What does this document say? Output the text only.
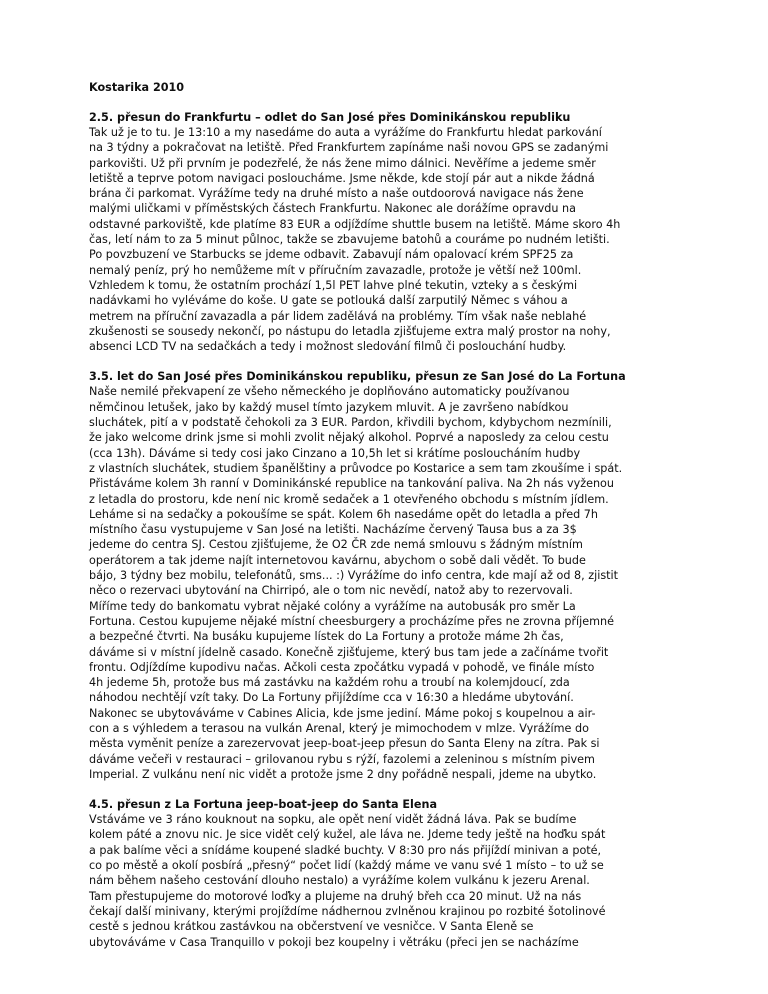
Kostarika 2010

2.5. přesun do Frankfurtu – odlet do San José přes Dominikánskou republiku

Tak už je to tu. Je 13:10 a my nasedáme do auta a vyrážíme do Frankfurtu hledat parkování
na 3 týdny a pokračovat na letiště. Před Frankfurtem zapínáme naši novou GPS se zadanými
parkovišti. Už při prvním je podezřelé, že nás žene mimo dálnici. Nevěříme a jedeme směr
letiště a teprve potom navigaci posloucháme. Jsme někde, kde stojí pár aut a nikde žádná
brána či parkomat. Vyrážíme tedy na druhé místo a naše outdoorová navigace nás žene
malými uličkami v příměstských částech Frankfurtu. Nakonec ale dorážíme opravdu na
odstavné parkoviště, kde platíme 83 EUR a odjíždíme shuttle busem na letiště. Máme skoro 4h
čas, letí nám to za 5 minut půlnoc, takže se zbavujeme batohů a couráme po nudném letišti.
Po povzbuzení ve Starbucks se jdeme odbavit. Zabavují nám opalovací krém SPF25 za
nemalý peníz, prý ho nemůžeme mít v příručním zavazadle, protože je větší než 100ml.
Vzhledem k tomu, že ostatním prochází 1,5l PET lahve plné tekutin, vztekу a s českými
nadávkami ho vyléváme do koše. U gate se potlouká další zarputilý Němec s váhou a
metrem na příruční zavazadla a pár lidem zadělává na problémy. Tím však naše neblahé
zkušenosti se sousedy nekončí, po nástupu do letadla zjišťujeme extra malý prostor na nohy,
absenci LCD TV na sedačkách a tedy i možnost sledování filmů či poslouchání hudby.

3.5. let do San José přes Dominikánskou republiku, přesun ze San José do La Fortuna

Naše nemilé překvapení ze všeho německého je doplňováno automaticky používanou
němčinou letušek, jako by každý musel tímto jazykem mluvit. A je završeno nabídkou
sluchátek, pití a v podstatě čehokoli za 3 EUR. Pardon, křivdili bychom, kdybychom nezmínili,
že jako welcome drink jsme si mohli zvolit nějaký alkohol. Poprvé a naposledy za celou cestu
(cca 13h). Dáváme si tedy cosi jako Cinzano a 10,5h let si krátíme posloucháním hudby
z vlastních sluchátek, studiem španělštiny a průvodce po Kostarice a sem tam zkoušíme i spát.
Přistáváme kolem 3h ranní v Dominikánské republice na tankování paliva. Na 2h nás vyženou
z letadla do prostoru, kde není nic kromě sedaček a 1 otevřeného obchodu s místním jídlem.
Leháme si na sedačky a pokoušíme se spát. Kolem 6h nasedáme opět do letadla a před 7h
místního času vystupujeme v San José na letišti. Nacházíme červený Tausa bus a za 3$
jedeme do centra SJ. Cestou zjišťujeme, že O2 ČR zde nemá smlouvu s žádným místním
operátorem a tak jdeme najít internetovou kavárnu, abychom o sobě dali vědět. To bude
bájo, 3 týdny bez mobilu, telefonátů, sms... :) Vyrážíme do info centra, kde mají až od 8, zjistit
něco o rezervaci ubytování na Chirripó, ale o tom nic nevědí, natož aby to rezervovali.
Míříme tedy do bankomatu vybrat nějaké colóny a vyrážíme na autobusák pro směr La
Fortuna. Cestou kupujeme nějaké místní cheesburgery a procházíme přes ne zrovna příjemné
a bezpečné čtvrti. Na busáku kupujeme lístek do La Fortuny a protože máme 2h čas,
dáváme si v místní jídelně casado. Konečně zjišťujeme, který bus tam jede a začínáme tvořit
frontu. Odjíždíme kupodivu načas. Ačkoli cesta zpočátku vypadá v pohodě, ve finále místo
4h jedeme 5h, protože bus má zastávku na každém rohu a troubí na kolemjdoucí, zda
náhodou nechtějí vzít taky. Do La Fortuny přijíždíme cca v 16:30 a hledáme ubytování.
Nakonec se ubytováváme v Cabines Alicia, kde jsme jediní. Máme pokoj s koupelnou a air-
con a s výhledem a terasou na vulkán Arenal, který je mimochodem v mlze. Vyrážíme do
města vyměnit peníze a zarezervovat jeep-boat-jeep přesun do Santa Eleny na zítra. Pak si
dáváme večeři v restauraci – grilovanou rybu s rýží, fazolemi a zeleninou s místním pivem
Imperial. Z vulkánu není nic vidět a protože jsme 2 dny pořádně nespali, jdeme na ubytko.

4.5. přesun z La Fortuna jeep-boat-jeep do Santa Elena

Vstáváme ve 3 ráno kouknout na sopku, ale opět není vidět žádná láva. Pak se budíme
kolem páté a znovu nic. Je sice vidět celý kužel, ale láva ne. Jdeme tedy ještě na hoďku spát
a pak balíme věci a snídáme koupené sladké buchty. V 8:30 pro nás přijíždí minivan a poté,
co po městě a okolí posbírá „přesný“ počet lidí (každý máme ve vanu své 1 místo – to už se
nám během našeho cestování dlouho nestalo) a vyrážíme kolem vulkánu k jezeru Arenal.
Tam přestupujeme do motorové loďky a plujeme na druhý břeh cca 20 minut. Už na nás
čekají další minivany, kterými projíždíme nádhernou zvlněnou krajinou po rozbité šotolinové
cestě s jednou krátkou zastávkou na občerstvení ve vesničce. V Santa Eleně se
ubytováváme v Casa Tranquillo v pokoji bez koupelny i větráku (přeci jen se nacházíme
